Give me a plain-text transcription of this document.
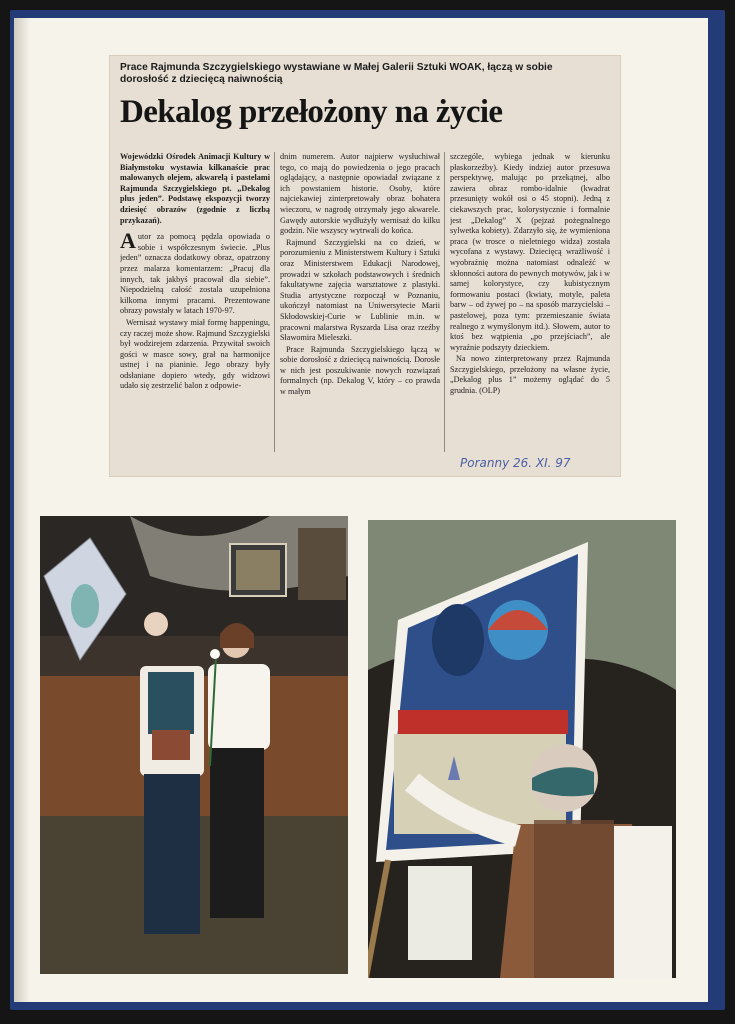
Prace Rajmunda Szczygielskiego wystawiane w Małej Galerii Sztuki WOAK, łączą w sobie dorosłość z dziecięcą naiwnością
Dekalog przełożony na życie

Wojewódzki Ośrodek Animacji Kultury w Białymstoku wystawia kilkanaście prac malowanych olejem, akwarelą i pastelami Rajmunda Szczygielskiego pt. „Dekalog plus jeden”. Podstawę ekspozycji tworzy dziesięć obrazów (zgodnie z liczbą przykazań).

Autor za pomocą pędzla opowiada o sobie i współczesnym świecie. „Plus jeden” oznacza dodatkowy obraz, opatrzony przez malarza komentarzem: „Pracuj dla innych, tak jakbyś pracował dla siebie”. Niepodzielną całość zostala uzupełniona kilkoma innymi pracami. Prezentowane obrazy powstały w latach 1970-97.

Wernisaż wystawy miał formę happeningu, czy raczej może show. Rajmund Szczygielski był wodzirejem zdarzenia. Przywitał swoich gości w masce sowy, grał na harmonijce ustnej i na pianinie. Jego obrazy były odsłaniane dopiero wtedy, gdy widzowi udało się zestrzelić balon z odpowie-

dnim numerem. Autor najpierw wysłuchiwał tego, co mają do powiedzenia o jego pracach oglądający, a następnie opowiadał związane z ich powstaniem historie. Osoby, które najciekawiej zinterpretowały obraz bohatera wieczoru, w nagrodę otrzymały jego akwarele. Gawędy autorskie wydłużyły wernisaż do kilku godzin. Nie wszyscy wytrwali do końca.

Rajmund Szczygielski na co dzień, w porozumieniu z Ministerstwem Kultury i Sztuki oraz Ministerstwem Edukacji Narodowej, prowadzi w szkołach podstawowych i średnich fakultatywne zajęcia warsztatowe z plastyki. Studia artystyczne rozpoczął w Poznaniu, ukończył natomiast na Uniwersytecie Marii Skłodowskiej-Curie w Lublinie m.in. w pracowni malarstwa Ryszarda Lisa oraz rzeźby Sławomira Mieleszki.

Prace Rajmunda Szczygielskiego łączą w sobie dorosłość z dziecięcą naiwnością. Dorosłe w nich jest poszukiwanie nowych rozwiązań formalnych (np. Dekalog V, który – co prawda w małym

szczególe, wybiega jednak w kierunku płaskorzeźby). Kiedy indziej autor przesuwa perspektywę, malując po przekątnej, albo zawiera obraz rombo-idalnie (kwadrat przesunięty wokół osi o 45 stopni). Jedną z ciekawszych prac, kolorystycznie i formalnie jest „Dekalog” X (pejzaż pożegnalnego sylwetka kobiety). Zdarzyło się, że wymieniona praca (w trosce o nieletniego widza) została wycofana z wystawy. Dziecięcą wrażliwość i wyobraźnię można natomiast odnaleźć w skłonności autora do pewnych motywów, jak i w samej kolorystyce, czy kubistycznym formowaniu postaci (kwiaty, motyle, paleta barw – od żywej po – na sposób marzycielski – pastelowej, poza tym: przemieszanie świata realnego z wymyślonym itd.). Słowem, autor to ktoś bez wątpienia „po przejściach”, ale wyraźnie podszyty dzieckiem.

Na nowo zinterpretowany przez Rajmunda Szczygielskiego, przełożony na własne życie, „Dekalog plus 1” możemy oglądać do 5 grudnia. (OLP)

Poranny 26. XI. 97
